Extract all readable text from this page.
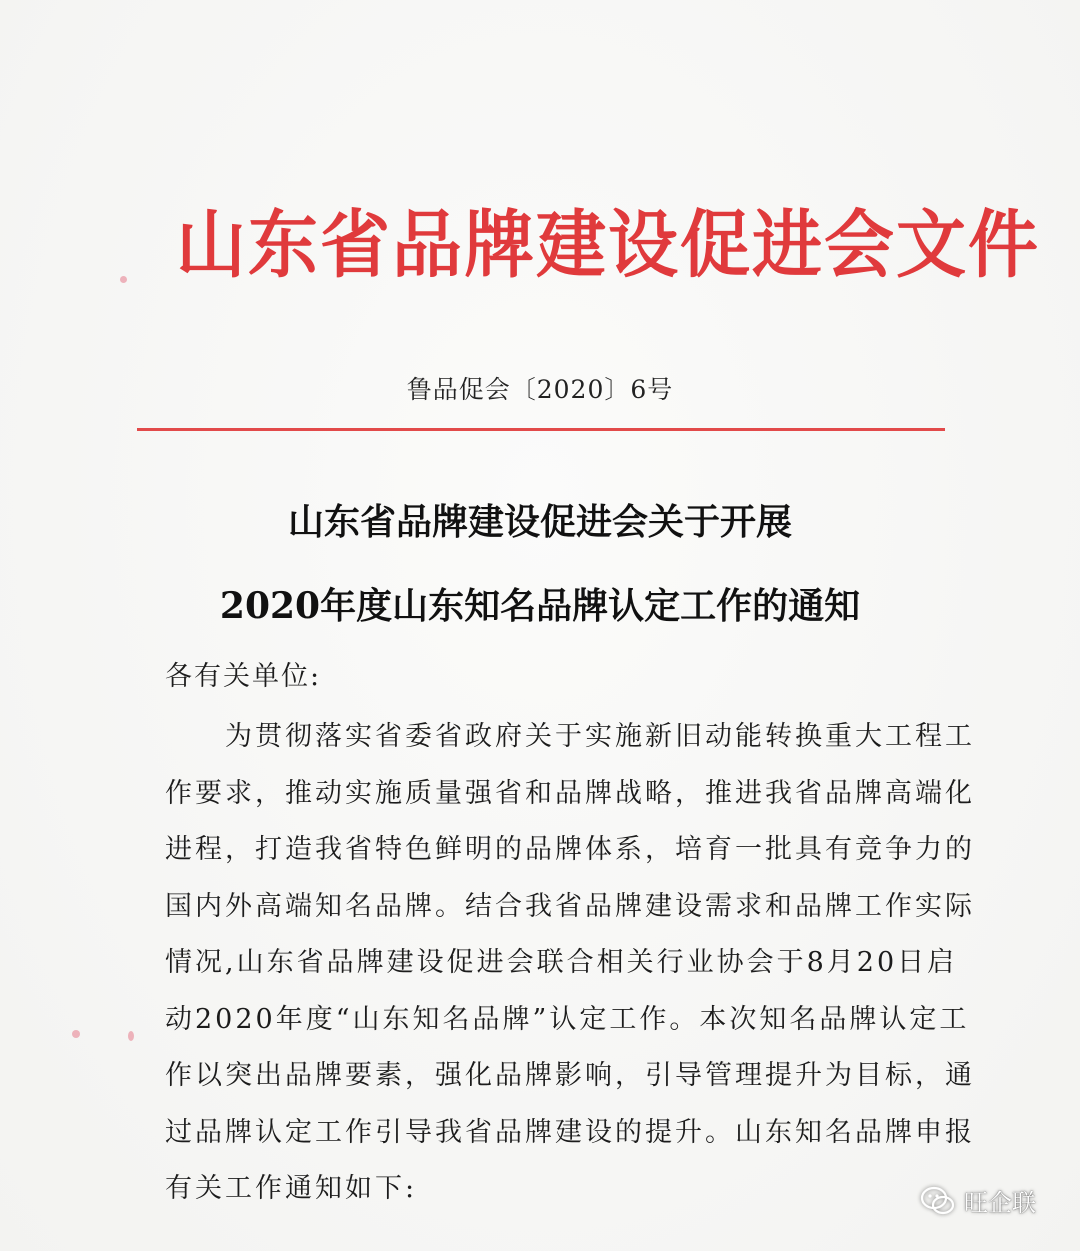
山东省品牌建设促进会文件
鲁品促会〔2020〕6号
山东省品牌建设促进会关于开展
2020年度山东知名品牌认定工作的通知
各有关单位:
　　为贯彻落实省委省政府关于实施新旧动能转换重大工程工
作要求，推动实施质量强省和品牌战略，推进我省品牌高端化
进程，打造我省特色鲜明的品牌体系，培育一批具有竞争力的
国内外高端知名品牌。结合我省品牌建设需求和品牌工作实际
情况,山东省品牌建设促进会联合相关行业协会于8月20日启
动2020年度“山东知名品牌”认定工作。本次知名品牌认定工
作以突出品牌要素，强化品牌影响，引导管理提升为目标，通
过品牌认定工作引导我省品牌建设的提升。山东知名品牌申报
有关工作通知如下:	旺企联
